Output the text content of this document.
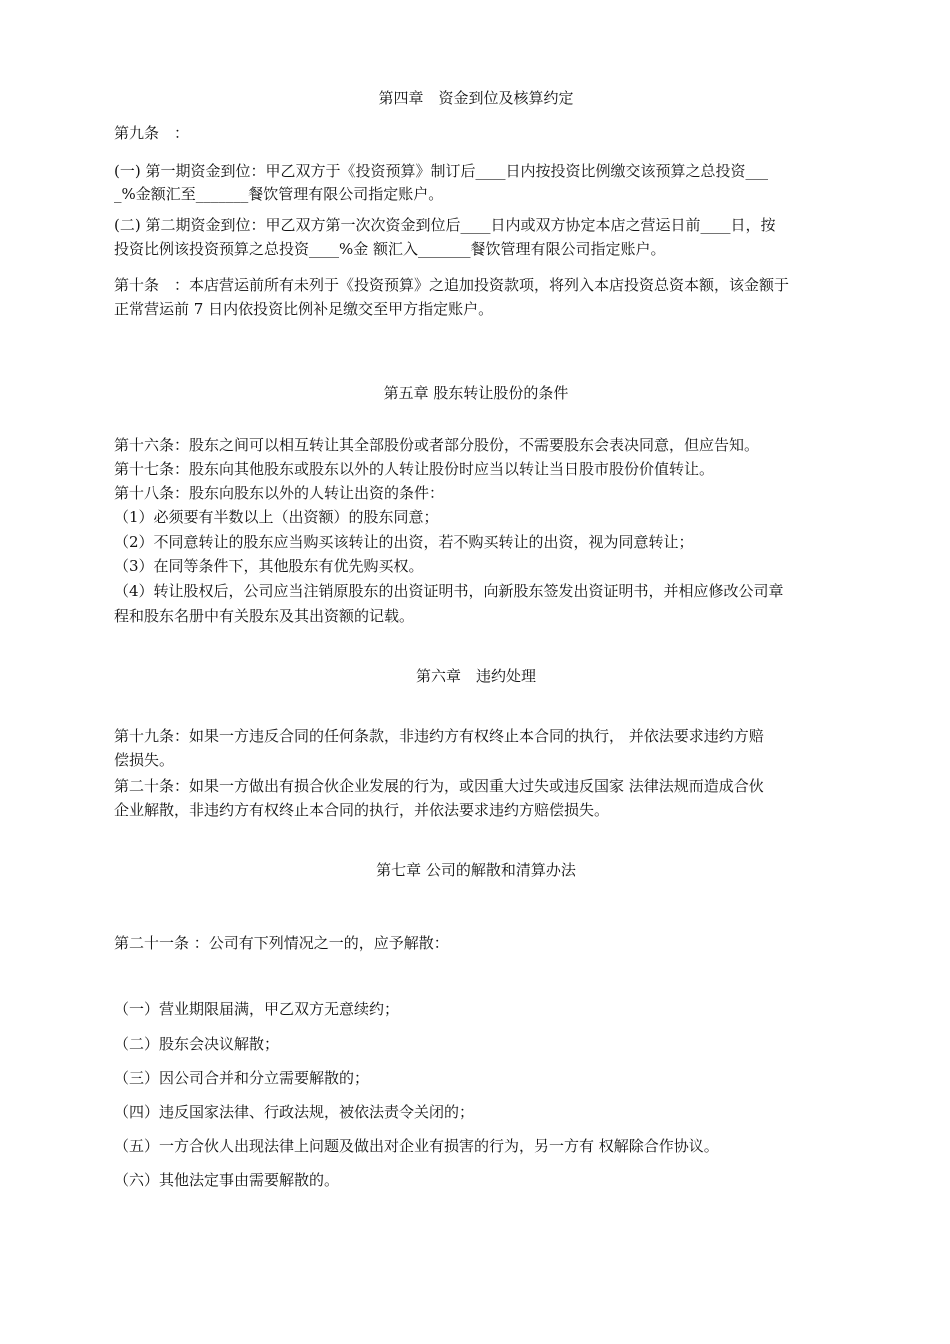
第四章　资金到位及核算约定
第九条　：
(一) 第一期资金到位：甲乙双方于《投资预算》制订后____日内按投资比例缴交该预算之总投资___
_%金额汇至_______餐饮管理有限公司指定账户。
(二) 第二期资金到位：甲乙双方第一次次资金到位后____日内或双方协定本店之营运日前____日，按
投资比例该投资预算之总投资____%金 额汇入_______餐饮管理有限公司指定账户。
第十条　：本店营运前所有未列于《投资预算》之追加投资款项，将列入本店投资总资本额，该金额于
正常营运前 7 日内依投资比例补足缴交至甲方指定账户。
第五章 股东转让股份的条件
第十六条：股东之间可以相互转让其全部股份或者部分股份，不需要股东会表决同意，但应告知。
第十七条：股东向其他股东或股东以外的人转让股份时应当以转让当日股市股份价值转让。
第十八条：股东向股东以外的人转让出资的条件：
（1）必须要有半数以上（出资额）的股东同意；
（2）不同意转让的股东应当购买该转让的出资，若不购买转让的出资，视为同意转让；
（3）在同等条件下，其他股东有优先购买权。
（4）转让股权后，公司应当注销原股东的出资证明书，向新股东签发出资证明书，并相应修改公司章
程和股东名册中有关股东及其出资额的记载。
第六章　违约处理
第十九条：如果一方违反合同的任何条款，非违约方有权终止本合同的执行， 并依法要求违约方赔
偿损失。
第二十条：如果一方做出有损合伙企业发展的行为，或因重大过失或违反国家 法律法规而造成合伙
企业解散，非违约方有权终止本合同的执行，并依法要求违约方赔偿损失。
第七章 公司的解散和清算办法
第二十一条 ：公司有下列情况之一的，应予解散：
（一）营业期限届满，甲乙双方无意续约；
（二）股东会决议解散；
（三）因公司合并和分立需要解散的；
（四）违反国家法律、行政法规，被依法责令关闭的；
（五）一方合伙人出现法律上问题及做出对企业有损害的行为，另一方有 权解除合作协议。
（六）其他法定事由需要解散的。
